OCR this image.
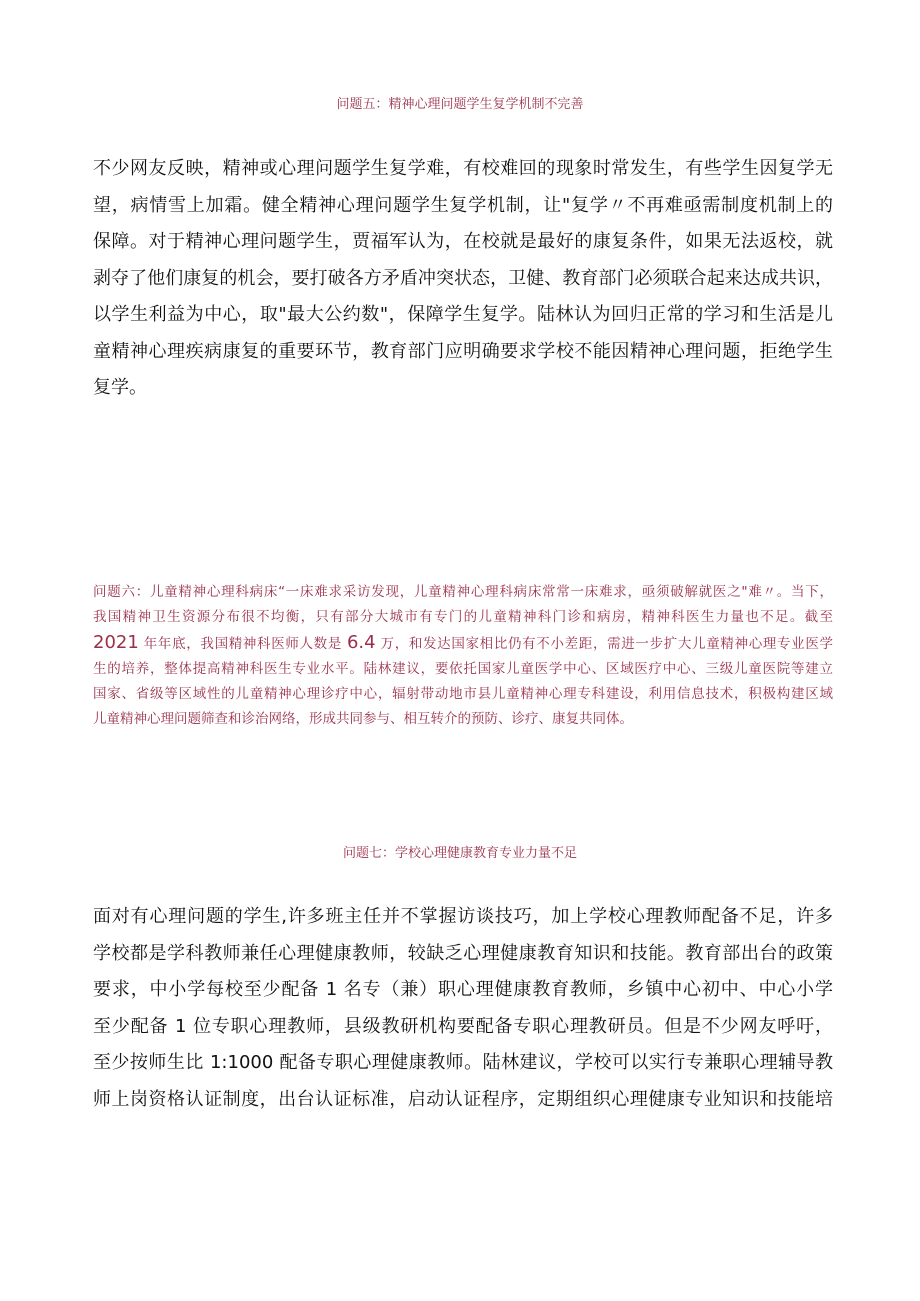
问题五：精神心理问题学生复学机制不完善
不少网友反映，精神或心理问题学生复学难，有校难回的现象时常发生，有些学生因复学无
望，病情雪上加霜。健全精神心理问题学生复学机制，让"复学〃不再难亟需制度机制上的
保障。对于精神心理问题学生，贾福军认为，在校就是最好的康复条件，如果无法返校，就
剥夺了他们康复的机会，要打破各方矛盾冲突状态，卫健、教育部门必须联合起来达成共识，
以学生利益为中心，取"最大公约数"，保障学生复学。陆林认为回归正常的学习和生活是儿
童精神心理疾病康复的重要环节，教育部门应明确要求学校不能因精神心理问题，拒绝学生
复学。
问题六：儿童精神心理科病床“一床难求采访发现，儿童精神心理科病床常常一床难求，亟须破解就医之"难〃。当下，
我国精神卫生资源分布很不均衡，只有部分大城市有专门的儿童精神科门诊和病房，精神科医生力量也不足。截至
2021 年年底，我国精神科医师人数是 6.4 万，和发达国家相比仍有不小差距，需进一步扩大儿童精神心理专业医学
生的培养，整体提高精神科医生专业水平。陆林建议，要依托国家儿童医学中心、区域医疗中心、三级儿童医院等建立
国家、省级等区域性的儿童精神心理诊疗中心，辐射带动地市县儿童精神心理专科建设，利用信息技术，积极构建区域
儿童精神心理问题筛查和诊治网络，形成共同参与、相互转介的预防、诊疗、康复共同体。
问题七：学校心理健康教育专业力量不足
面对有心理问题的学生,许多班主任并不掌握访谈技巧，加上学校心理教师配备不足，许多
学校都是学科教师兼任心理健康教师，较缺乏心理健康教育知识和技能。教育部出台的政策
要求，中小学每校至少配备 1 名专（兼）职心理健康教育教师，乡镇中心初中、中心小学
至少配备 1 位专职心理教师，县级教研机构要配备专职心理教研员。但是不少网友呼吁，
至少按师生比 1:1000 配备专职心理健康教师。陆林建议，学校可以实行专兼职心理辅导教
师上岗资格认证制度，出台认证标准，启动认证程序，定期组织心理健康专业知识和技能培
